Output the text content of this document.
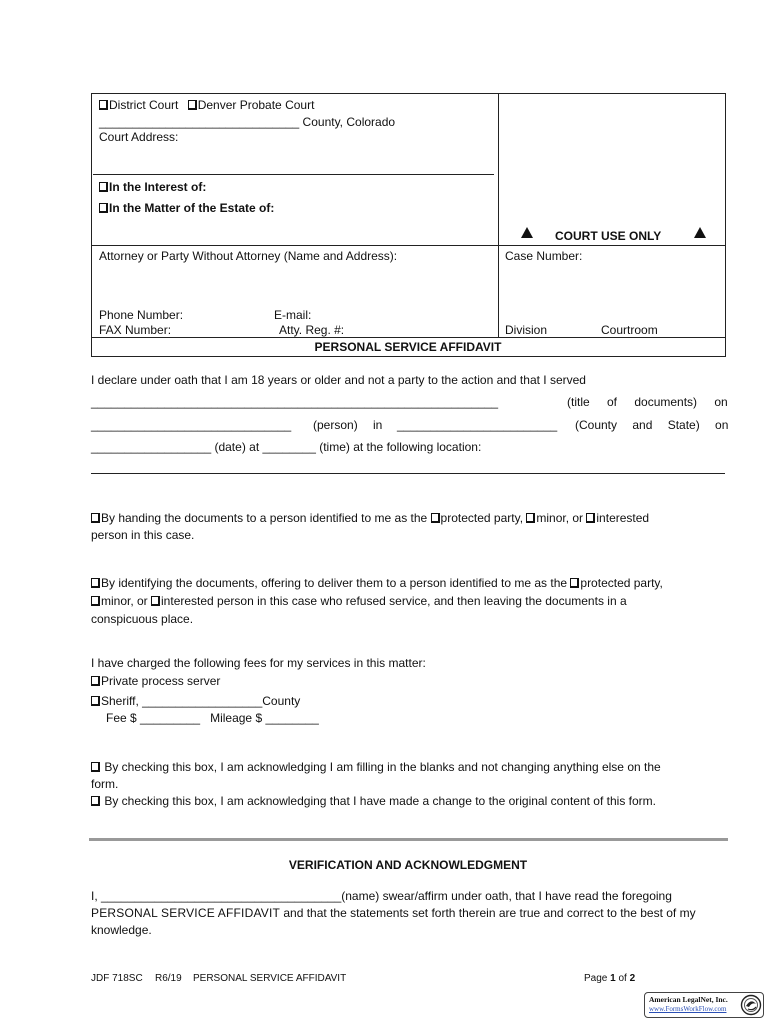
District Court Denver Probate Court
______________________________ County, Colorado
Court Address:
In the Interest of:
In the Matter of the Estate of:
COURT USE ONLY
Attorney or Party Without Attorney (Name and Address):	Case Number:
Phone Number:	E-mail:
FAX Number:	Atty. Reg. #:	Division	Courtroom
PERSONAL SERVICE AFFIDAVIT
I declare under oath that I am 18 years or older and not a party to the action and that I served
_____________________________________________________________	(title of documents) on
______________________________ (person) in ________________________ (County and State) on
__________________ (date) at ________ (time) at the following location:
By handing the documents to a person identified to me as the protected party, minor, or interested
person in this case.
By identifying the documents, offering to deliver them to a person identified to me as the protected party,
minor, or interested person in this case who refused service, and then leaving the documents in a
conspicuous place.
I have charged the following fees for my services in this matter:
Private process server
Sheriff, __________________County
Fee $ _________   Mileage $ ________
By checking this box, I am acknowledging I am filling in the blanks and not changing anything else on the
form.
By checking this box, I am acknowledging that I have made a change to the original content of this form.
VERIFICATION AND ACKNOWLEDGMENT
I, ____________________________________(name) swear/affirm under oath, that I have read the foregoing
PERSONAL SERVICE AFFIDAVIT and that the statements set forth therein are true and correct to the best of my
knowledge.
JDF 718SC R6/19 PERSONAL SERVICE AFFIDAVIT	Page 1 of 2
American LegalNet, Inc.
www.FormsWorkFlow.com
